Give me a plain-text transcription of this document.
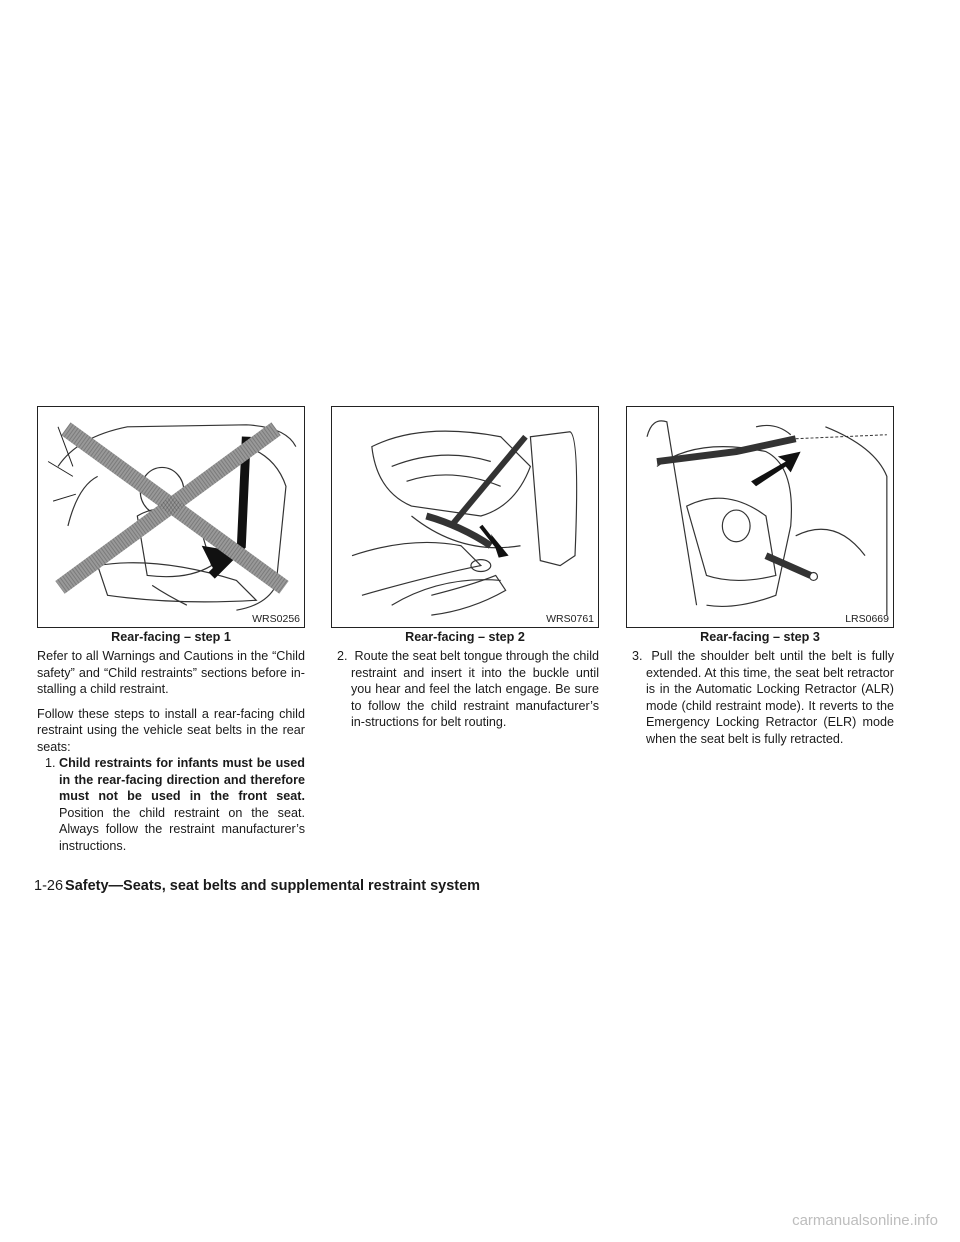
WRS0256
Rear-facing – step 1
WRS0761
Rear-facing – step 2
LRS0669
Rear-facing – step 3

Refer to all Warnings and Cautions in the “Child safety” and “Child restraints” sections before in-stalling a child restraint.

Follow these steps to install a rear-facing child restraint using the vehicle seat belts in the rear seats:

1. Child restraints for infants must be used in the rear-facing direction and therefore must not be used in the front seat. Position the child restraint on the seat. Always follow the restraint manufacturer’s instructions.

2. Route the seat belt tongue through the child restraint and insert it into the buckle until you hear and feel the latch engage. Be sure to follow the child restraint manufacturer’s in-structions for belt routing.

3. Pull the shoulder belt until the belt is fully extended. At this time, the seat belt retractor is in the Automatic Locking Retractor (ALR) mode (child restraint mode). It reverts to the Emergency Locking Retractor (ELR) mode when the seat belt is fully retracted.

1-26 Safety—Seats, seat belts and supplemental restraint system
carmanualsonline.info
